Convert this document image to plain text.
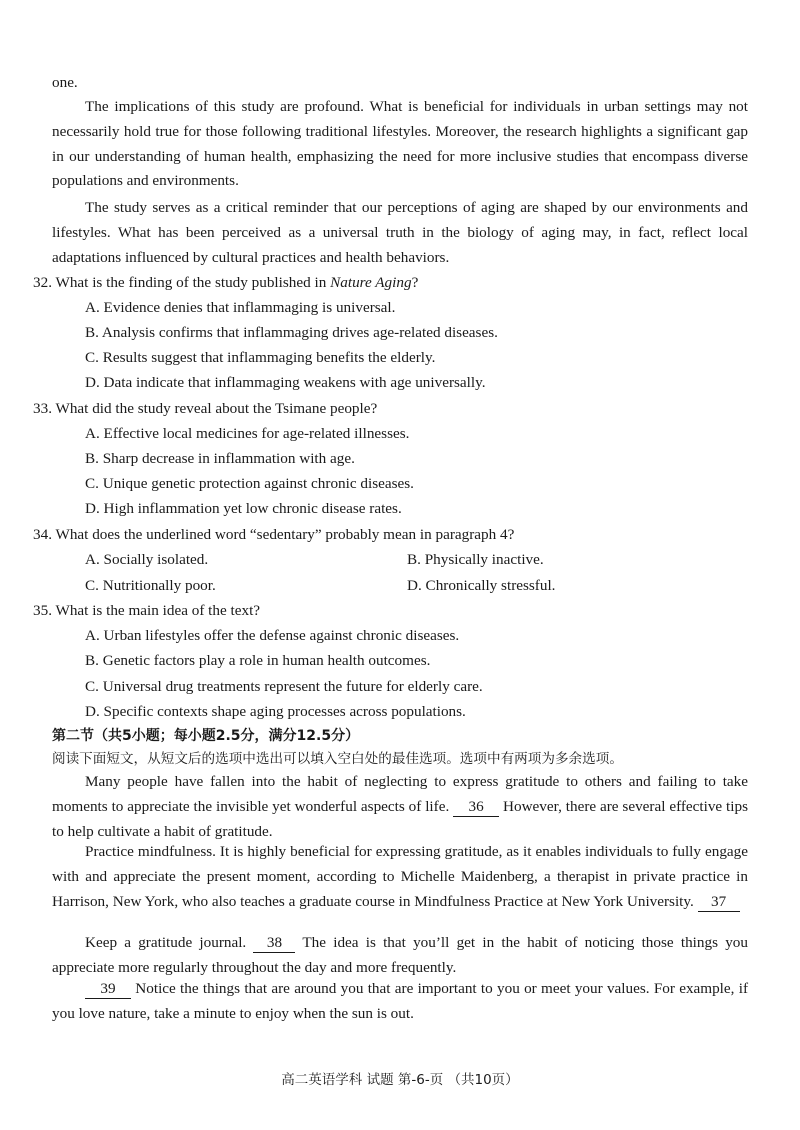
one.
The implications of this study are profound. What is beneficial for individuals in urban settings may not necessarily hold true for those following traditional lifestyles. Moreover, the research highlights a significant gap in our understanding of human health, emphasizing the need for more inclusive studies that encompass diverse populations and environments.
The study serves as a critical reminder that our perceptions of aging are shaped by our environments and lifestyles. What has been perceived as a universal truth in the biology of aging may, in fact, reflect local adaptations influenced by cultural practices and health behaviors.
32. What is the finding of the study published in Nature Aging?
A. Evidence denies that inflammaging is universal.
B. Analysis confirms that inflammaging drives age-related diseases.
C. Results suggest that inflammaging benefits the elderly.
D. Data indicate that inflammaging weakens with age universally.
33. What did the study reveal about the Tsimane people?
A. Effective local medicines for age-related illnesses.
B. Sharp decrease in inflammation with age.
C. Unique genetic protection against chronic diseases.
D. High inflammation yet low chronic disease rates.
34. What does the underlined word “sedentary” probably mean in paragraph 4?
A. Socially isolated.	B. Physically inactive.
C. Nutritionally poor.	D. Chronically stressful.
35. What is the main idea of the text?
A. Urban lifestyles offer the defense against chronic diseases.
B. Genetic factors play a role in human health outcomes.
C. Universal drug treatments represent the future for elderly care.
D. Specific contexts shape aging processes across populations.
第二节（共5小题；每小题2.5分，满分12.5分）
阅读下面短文，从短文后的选项中选出可以填入空白处的最佳选项。选项中有两项为多余选项。
Many people have fallen into the habit of neglecting to express gratitude to others and failing to take moments to appreciate the invisible yet wonderful aspects of life. 36 However, there are several effective tips to help cultivate a habit of gratitude.
Practice mindfulness. It is highly beneficial for expressing gratitude, as it enables individuals to fully engage with and appreciate the present moment, according to Michelle Maidenberg, a therapist in private practice in Harrison, New York, who also teaches a graduate course in Mindfulness Practice at New York University. 37
Keep a gratitude journal. 38 The idea is that you’ll get in the habit of noticing those things you appreciate more regularly throughout the day and more frequently.
39 Notice the things that are around you that are important to you or meet your values. For example, if you love nature, take a minute to enjoy when the sun is out.
高二英语学科 试题 第-6-页 （共10页）
